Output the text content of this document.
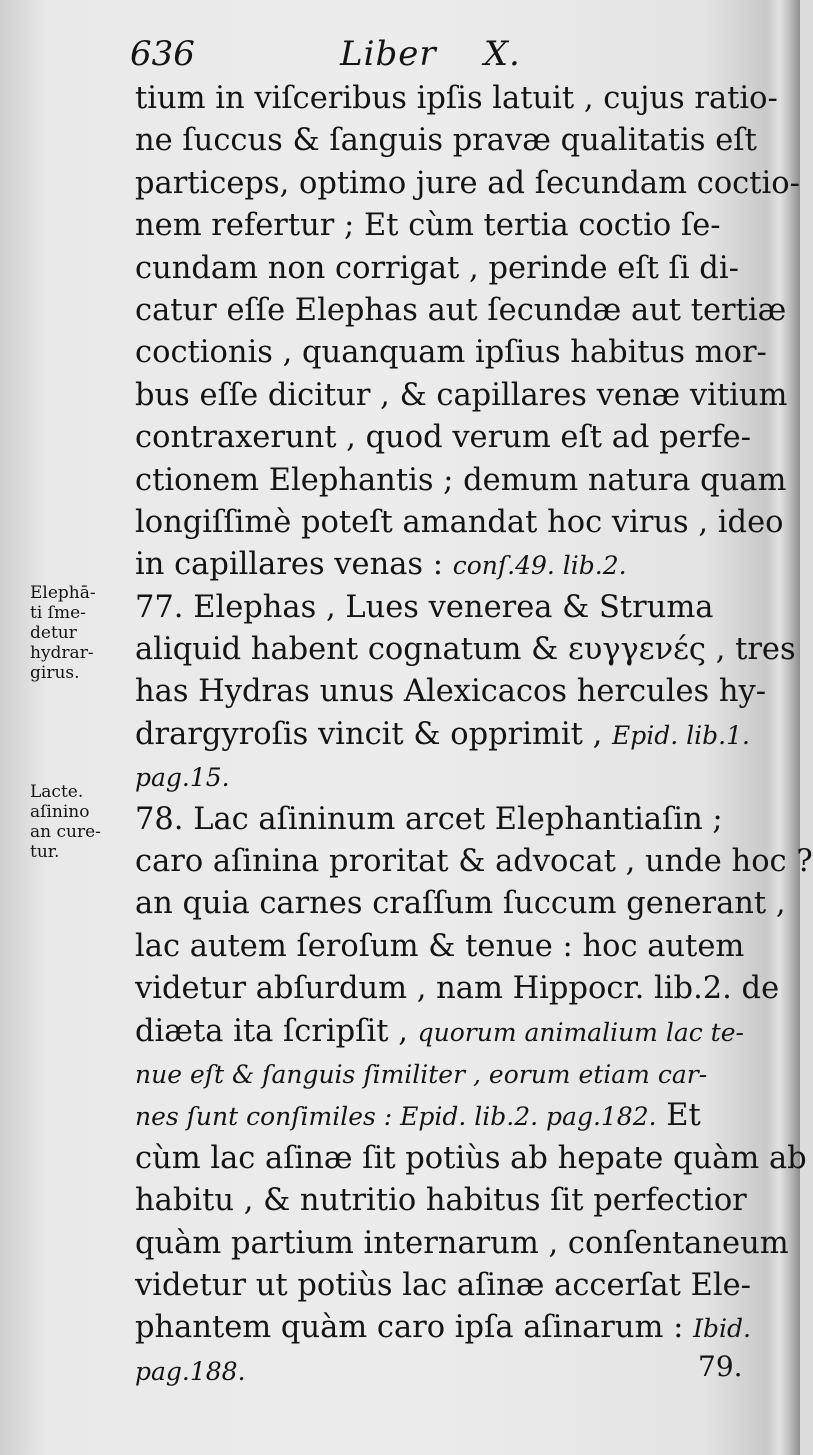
636	Liber    X.
Elephā-
ti ſme-
detur
hydrar-
girus.
Lacte.
aſinino
an cure-
tur.
tium in viſceribus ipſis latuit , cujus ratio-
ne ſuccus & ſanguis pravæ qualitatis eſt
particeps, optimo jure ad ſecundam coctio-
nem refertur ; Et cùm tertia coctio ſe-
cundam non corrigat , perinde eſt ſi di-
catur eſſe Elephas aut ſecundæ aut tertiæ
coctionis , quanquam ipſius habitus mor-
bus eſſe dicitur , & capillares venæ vitium
contraxerunt , quod verum eſt ad perfe-
ctionem Elephantis ; demum natura quam
longiſſimè poteſt amandat hoc virus , ideo
in capillares venas : conſ.49. lib.2.
77. Elephas , Lues venerea & Struma
aliquid habent cognatum & ευγγενές , tres
has Hydras unus Alexicacos hercules hy-
drargyroſis vincit & opprimit , Epid. lib.1.
pag.15.
78. Lac aſininum arcet Elephantiaſin ;
caro aſinina proritat & advocat , unde hoc ?
an quia carnes craſſum ſuccum generant ,
lac autem ſeroſum & tenue : hoc autem
videtur abſurdum , nam Hippocr. lib.2. de
diæta ita ſcripſit , quorum animalium lac te-
nue eſt & ſanguis ſimiliter , eorum etiam car-
nes ſunt conſimiles : Epid. lib.2. pag.182. Et
cùm lac aſinæ ſit potiùs ab hepate quàm ab
habitu , & nutritio habitus ſit perfectior
quàm partium internarum , conſentaneum
videtur ut potiùs lac aſinæ accerſat Ele-
phantem quàm caro ipſa aſinarum : Ibid.
pag.188.	79.
